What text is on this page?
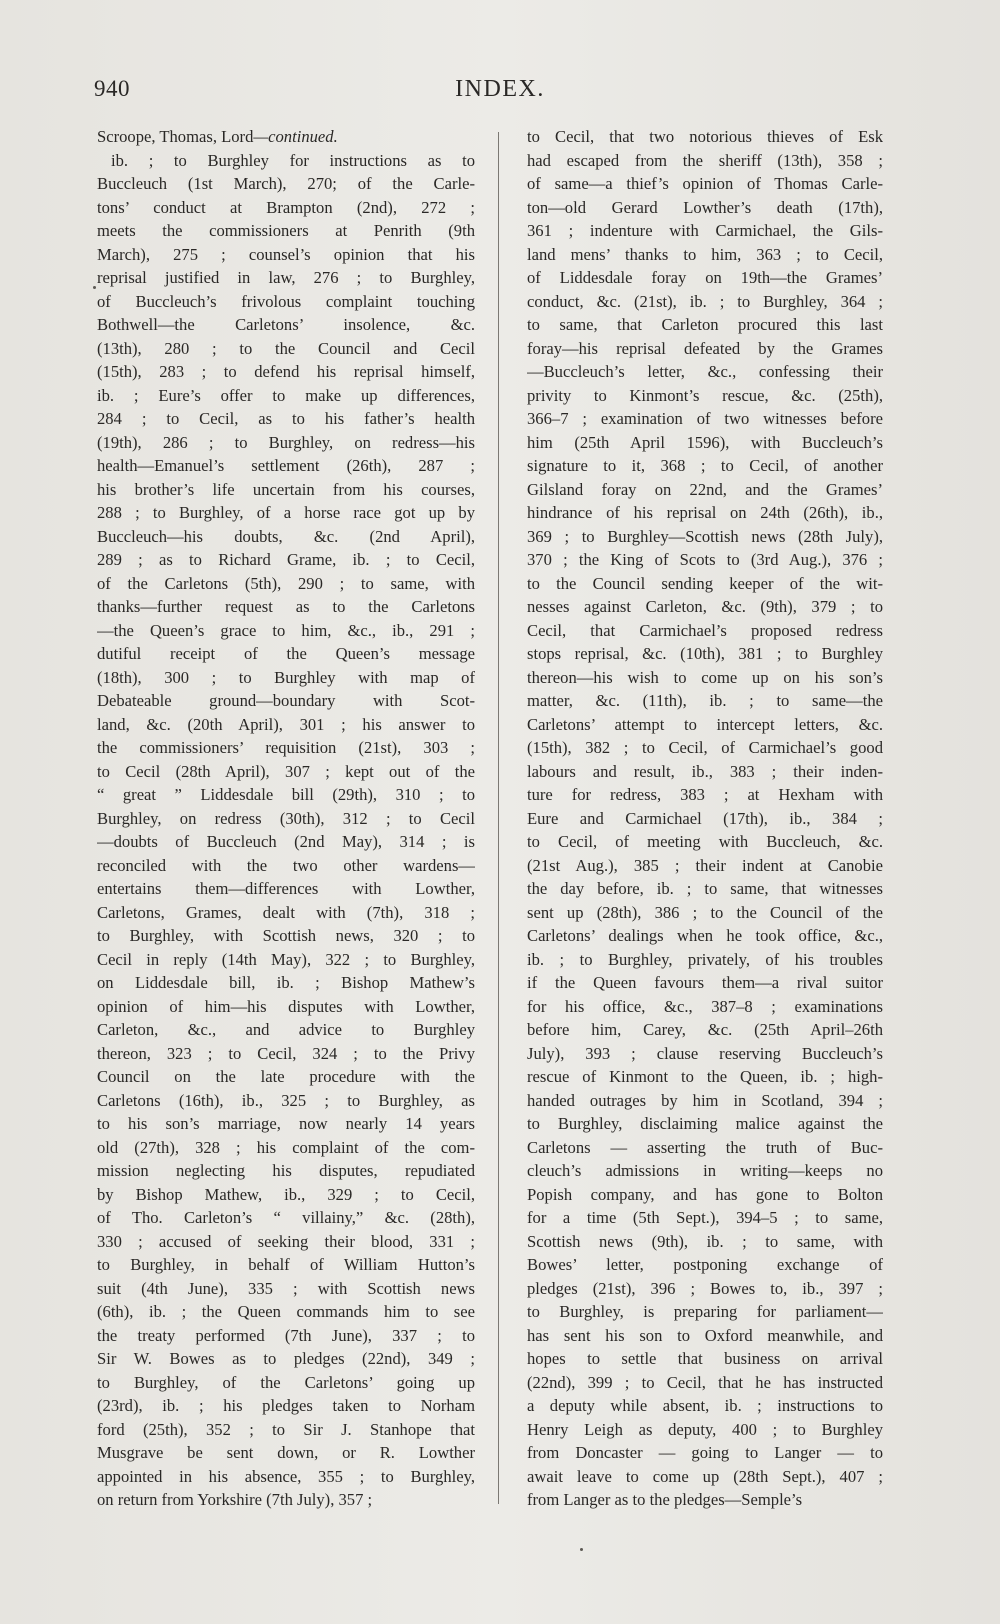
940	INDEX.
Scroope, Thomas, Lord—continued.
ib. ; to Burghley for instructions as to
Buccleuch (1st March), 270; of the Carle-
tons’ conduct at Brampton (2nd), 272 ;
meets the commissioners at Penrith (9th
March), 275 ; counsel’s opinion that his
reprisal justified in law, 276 ; to Burghley,
of Buccleuch’s frivolous complaint touching
Bothwell—the Carletons’ insolence, &c.
(13th), 280 ; to the Council and Cecil
(15th), 283 ; to defend his reprisal himself,
ib. ; Eure’s offer to make up differences,
284 ; to Cecil, as to his father’s health
(19th), 286 ; to Burghley, on redress—his
health—Emanuel’s settlement (26th), 287 ;
his brother’s life uncertain from his courses,
288 ; to Burghley, of a horse race got up by
Buccleuch—his doubts, &c. (2nd April),
289 ; as to Richard Grame, ib. ; to Cecil,
of the Carletons (5th), 290 ; to same, with
thanks—further request as to the Carletons
—the Queen’s grace to him, &c., ib., 291 ;
dutiful receipt of the Queen’s message
(18th), 300 ; to Burghley with map of
Debateable ground—boundary with Scot-
land, &c. (20th April), 301 ; his answer to
the commissioners’ requisition (21st), 303 ;
to Cecil (28th April), 307 ; kept out of the
“ great ” Liddesdale bill (29th), 310 ; to
Burghley, on redress (30th), 312 ; to Cecil
—doubts of Buccleuch (2nd May), 314 ; is
reconciled with the two other wardens—
entertains them—differences with Lowther,
Carletons, Grames, dealt with (7th), 318 ;
to Burghley, with Scottish news, 320 ; to
Cecil in reply (14th May), 322 ; to Burghley,
on Liddesdale bill, ib. ; Bishop Mathew’s
opinion of him—his disputes with Lowther,
Carleton, &c., and advice to Burghley
thereon, 323 ; to Cecil, 324 ; to the Privy
Council on the late procedure with the
Carletons (16th), ib., 325 ; to Burghley, as
to his son’s marriage, now nearly 14 years
old (27th), 328 ; his complaint of the com-
mission neglecting his disputes, repudiated
by Bishop Mathew, ib., 329 ; to Cecil,
of Tho. Carleton’s “ villainy,” &c. (28th),
330 ; accused of seeking their blood, 331 ;
to Burghley, in behalf of William Hutton’s
suit (4th June), 335 ; with Scottish news
(6th), ib. ; the Queen commands him to see
the treaty performed (7th June), 337 ; to
Sir W. Bowes as to pledges (22nd), 349 ;
to Burghley, of the Carletons’ going up
(23rd), ib. ; his pledges taken to Norham
ford (25th), 352 ; to Sir J. Stanhope that
Musgrave be sent down, or R. Lowther
appointed in his absence, 355 ; to Burghley,
on return from Yorkshire (7th July), 357 ;
to Cecil, that two notorious thieves of Esk
had escaped from the sheriff (13th), 358 ;
of same—a thief’s opinion of Thomas Carle-
ton—old Gerard Lowther’s death (17th),
361 ; indenture with Carmichael, the Gils-
land mens’ thanks to him, 363 ; to Cecil,
of Liddesdale foray on 19th—the Grames’
conduct, &c. (21st), ib. ; to Burghley, 364 ;
to same, that Carleton procured this last
foray—his reprisal defeated by the Grames
—Buccleuch’s letter, &c., confessing their
privity to Kinmont’s rescue, &c. (25th),
366–7 ; examination of two witnesses before
him (25th April 1596), with Buccleuch’s
signature to it, 368 ; to Cecil, of another
Gilsland foray on 22nd, and the Grames’
hindrance of his reprisal on 24th (26th), ib.,
369 ; to Burghley—Scottish news (28th July),
370 ; the King of Scots to (3rd Aug.), 376 ;
to the Council sending keeper of the wit-
nesses against Carleton, &c. (9th), 379 ; to
Cecil, that Carmichael’s proposed redress
stops reprisal, &c. (10th), 381 ; to Burghley
thereon—his wish to come up on his son’s
matter, &c. (11th), ib. ; to same—the
Carletons’ attempt to intercept letters, &c.
(15th), 382 ; to Cecil, of Carmichael’s good
labours and result, ib., 383 ; their inden-
ture for redress, 383 ; at Hexham with
Eure and Carmichael (17th), ib., 384 ;
to Cecil, of meeting with Buccleuch, &c.
(21st Aug.), 385 ; their indent at Canobie
the day before, ib. ; to same, that witnesses
sent up (28th), 386 ; to the Council of the
Carletons’ dealings when he took office, &c.,
ib. ; to Burghley, privately, of his troubles
if the Queen favours them—a rival suitor
for his office, &c., 387–8 ; examinations
before him, Carey, &c. (25th April–26th
July), 393 ; clause reserving Buccleuch’s
rescue of Kinmont to the Queen, ib. ; high-
handed outrages by him in Scotland, 394 ;
to Burghley, disclaiming malice against the
Carletons — asserting the truth of Buc-
cleuch’s admissions in writing—keeps no
Popish company, and has gone to Bolton
for a time (5th Sept.), 394–5 ; to same,
Scottish news (9th), ib. ; to same, with
Bowes’ letter, postponing exchange of
pledges (21st), 396 ; Bowes to, ib., 397 ;
to Burghley, is preparing for parliament—
has sent his son to Oxford meanwhile, and
hopes to settle that business on arrival
(22nd), 399 ; to Cecil, that he has instructed
a deputy while absent, ib. ; instructions to
Henry Leigh as deputy, 400 ; to Burghley
from Doncaster — going to Langer — to
await leave to come up (28th Sept.), 407 ;
from Langer as to the pledges—Semple’s
